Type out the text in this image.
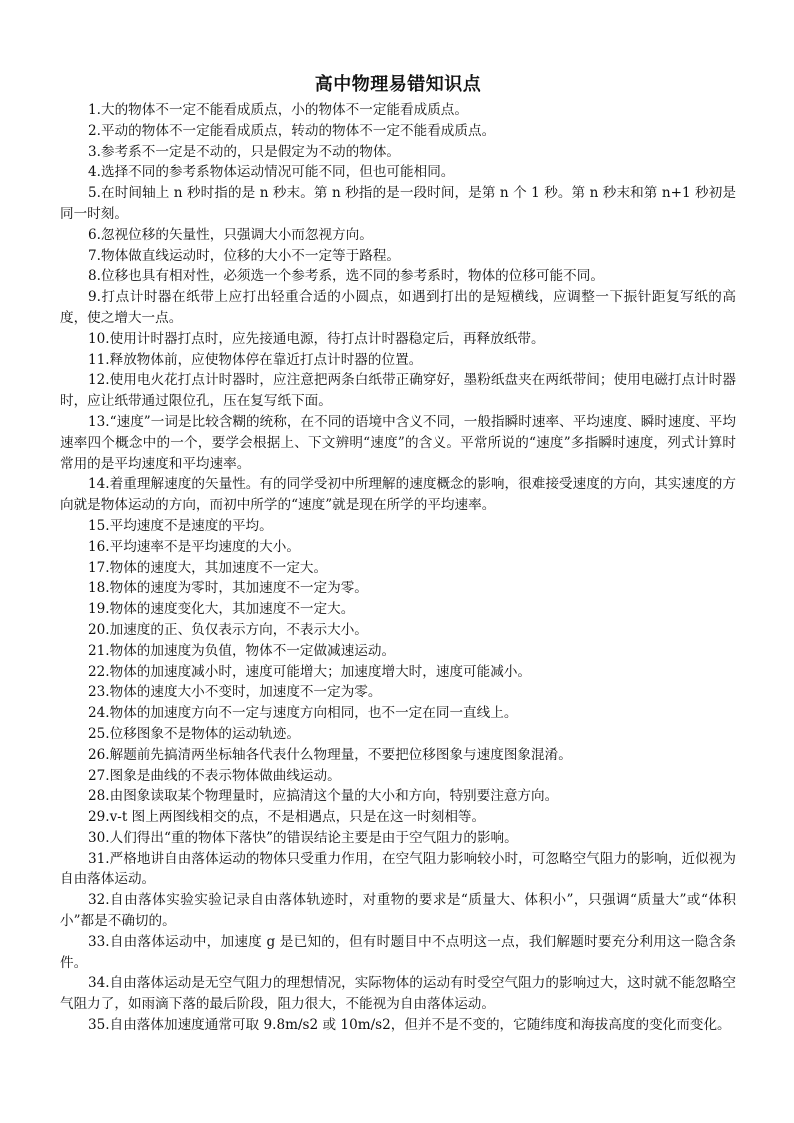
高中物理易错知识点

1.大的物体不一定不能看成质点，小的物体不一定能看成质点。

2.平动的物体不一定能看成质点，转动的物体不一定不能看成质点。

3.参考系不一定是不动的，只是假定为不动的物体。

4.选择不同的参考系物体运动情况可能不同，但也可能相同。

5.在时间轴上 n 秒时指的是 n 秒末。第 n 秒指的是一段时间，是第 n 个 1 秒。第 n 秒末和第 n+1 秒初是同一时刻。

6.忽视位移的矢量性，只强调大小而忽视方向。

7.物体做直线运动时，位移的大小不一定等于路程。

8.位移也具有相对性，必须选一个参考系，选不同的参考系时，物体的位移可能不同。

9.打点计时器在纸带上应打出轻重合适的小圆点，如遇到打出的是短横线，应调整一下振针距复写纸的高度，使之增大一点。

10.使用计时器打点时，应先接通电源，待打点计时器稳定后，再释放纸带。

11.释放物体前，应使物体停在靠近打点计时器的位置。

12.使用电火花打点计时器时，应注意把两条白纸带正确穿好，墨粉纸盘夹在两纸带间；使用电磁打点计时器时，应让纸带通过限位孔，压在复写纸下面。

13.“速度”一词是比较含糊的统称，在不同的语境中含义不同，一般指瞬时速率、平均速度、瞬时速度、平均速率四个概念中的一个，要学会根据上、下文辨明“速度”的含义。平常所说的“速度”多指瞬时速度，列式计算时常用的是平均速度和平均速率。

14.着重理解速度的矢量性。有的同学受初中所理解的速度概念的影响，很难接受速度的方向，其实速度的方向就是物体运动的方向，而初中所学的“速度”就是现在所学的平均速率。

15.平均速度不是速度的平均。

16.平均速率不是平均速度的大小。

17.物体的速度大，其加速度不一定大。

18.物体的速度为零时，其加速度不一定为零。

19.物体的速度变化大，其加速度不一定大。

20.加速度的正、负仅表示方向，不表示大小。

21.物体的加速度为负值，物体不一定做减速运动。

22.物体的加速度减小时，速度可能增大；加速度增大时，速度可能减小。

23.物体的速度大小不变时，加速度不一定为零。

24.物体的加速度方向不一定与速度方向相同，也不一定在同一直线上。

25.位移图象不是物体的运动轨迹。

26.解题前先搞清两坐标轴各代表什么物理量，不要把位移图象与速度图象混淆。

27.图象是曲线的不表示物体做曲线运动。

28.由图象读取某个物理量时，应搞清这个量的大小和方向，特别要注意方向。

29.v-t 图上两图线相交的点，不是相遇点，只是在这一时刻相等。

30.人们得出“重的物体下落快”的错误结论主要是由于空气阻力的影响。

31.严格地讲自由落体运动的物体只受重力作用，在空气阻力影响较小时，可忽略空气阻力的影响，近似视为自由落体运动。

32.自由落体实验实验记录自由落体轨迹时，对重物的要求是“质量大、体积小”，只强调“质量大”或“体积小”都是不确切的。

33.自由落体运动中，加速度 g 是已知的，但有时题目中不点明这一点，我们解题时要充分利用这一隐含条件。

34.自由落体运动是无空气阻力的理想情况，实际物体的运动有时受空气阻力的影响过大，这时就不能忽略空气阻力了，如雨滴下落的最后阶段，阻力很大，不能视为自由落体运动。

35.自由落体加速度通常可取 9.8m/s2 或 10m/s2，但并不是不变的，它随纬度和海拔高度的变化而变化。
